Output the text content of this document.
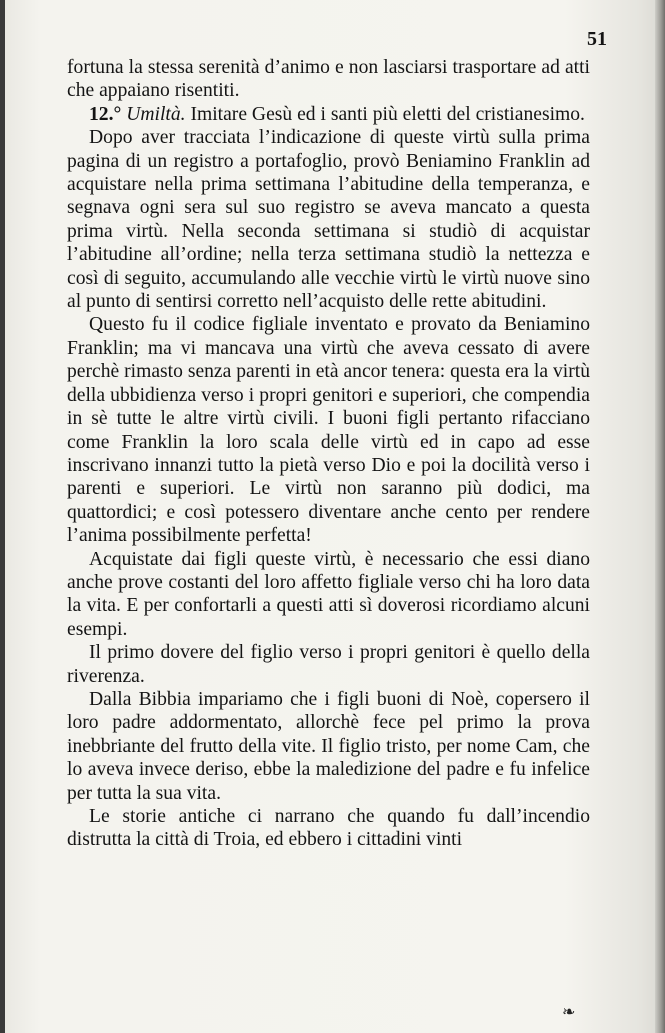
51

fortuna la stessa serenità d’animo e non lasciarsi trasportare ad atti che appaiano risentiti.

12.° Umiltà. Imitare Gesù ed i santi più eletti del cristianesimo.

Dopo aver tracciata l’indicazione di queste virtù sulla prima pagina di un registro a portafoglio, provò Beniamino Franklin ad acquistare nella prima settimana l’abitudine della temperanza, e segnava ogni sera sul suo registro se aveva mancato a questa prima virtù. Nella seconda settimana si studiò di acquistar l’abitudine all’ordine; nella terza settimana studiò la nettezza e così di seguito, accumulando alle vecchie virtù le virtù nuove sino al punto di sentirsi corretto nell’acquisto delle rette abitudini.

Questo fu il codice figliale inventato e provato da Beniamino Franklin; ma vi mancava una virtù che aveva cessato di avere perchè rimasto senza parenti in età ancor tenera: questa era la virtù della ubbidienza verso i propri genitori e superiori, che compendia in sè tutte le altre virtù civili. I buoni figli pertanto rifacciano come Franklin la loro scala delle virtù ed in capo ad esse inscrivano innanzi tutto la pietà verso Dio e poi la docilità verso i parenti e superiori. Le virtù non saranno più dodici, ma quattordici; e così potessero diventare anche cento per rendere l’anima possibilmente perfetta!

Acquistate dai figli queste virtù, è necessario che essi diano anche prove costanti del loro affetto figliale verso chi ha loro data la vita. E per confortarli a questi atti sì doverosi ricordiamo alcuni esempi.

Il primo dovere del figlio verso i propri genitori è quello della riverenza.

Dalla Bibbia impariamo che i figli buoni di Noè, copersero il loro padre addormentato, allorchè fece pel primo la prova inebbriante del frutto della vite. Il figlio tristo, per nome Cam, che lo aveva invece deriso, ebbe la maledizione del padre e fu infelice per tutta la sua vita.

Le storie antiche ci narrano che quando fu dall’incendio distrutta la città di Troia, ed ebbero i cittadini vinti

❧
